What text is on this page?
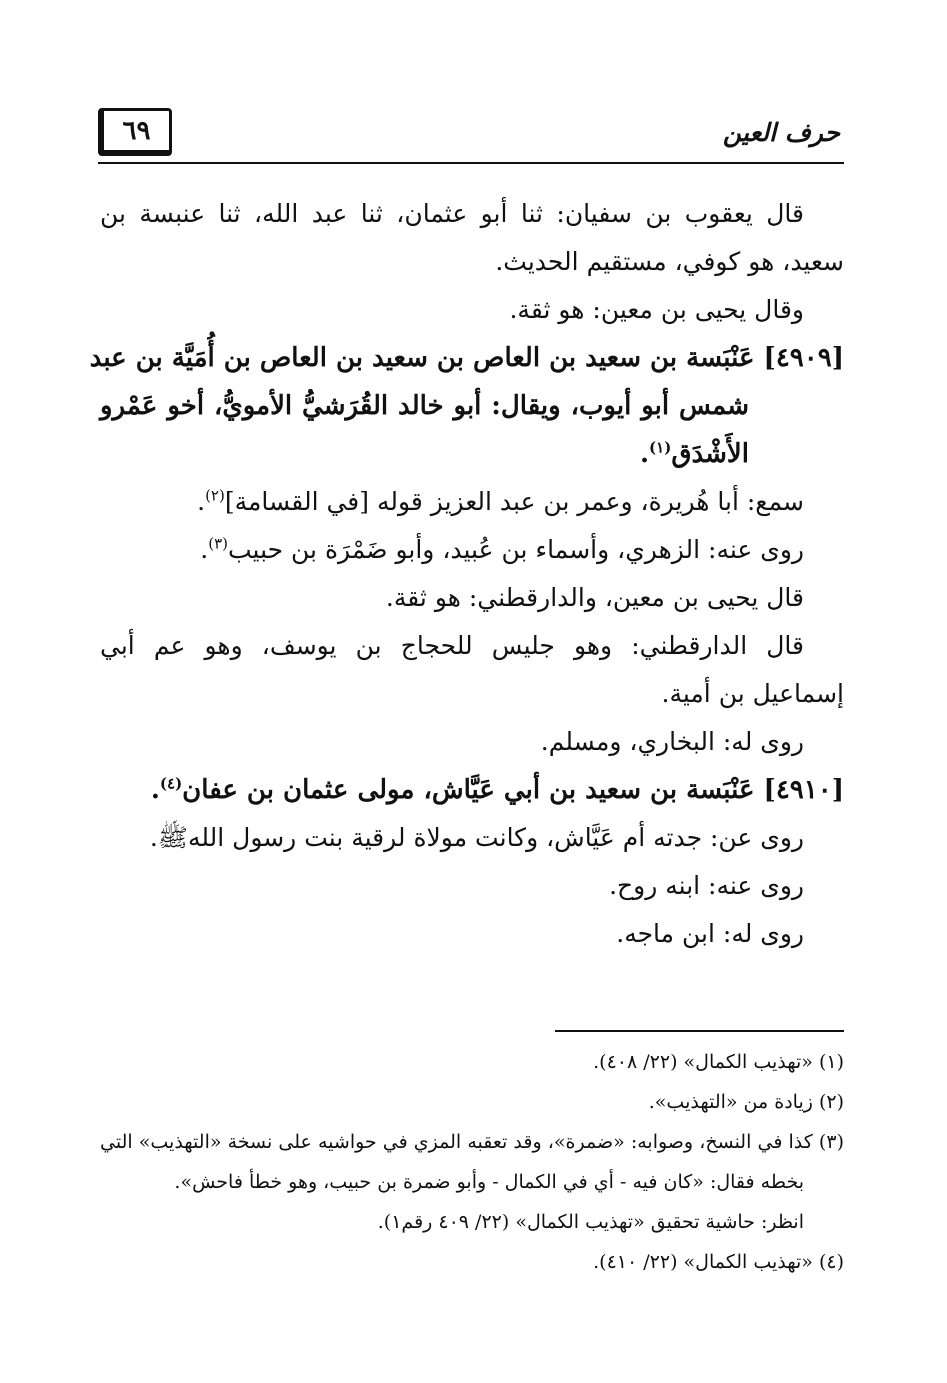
حرف العين
٦٩
قال يعقوب بن سفيان: ثنا أبو عثمان، ثنا عبد الله، ثنا عنبسة بن
سعيد، هو كوفي، مستقيم الحديث.
وقال يحيى بن معين: هو ثقة.
[٤٩٠٩] عَنْبَسة بن سعيد بن العاص بن سعيد بن العاص بن أُمَيَّة بن عبد
شمس أبو أيوب، ويقال: أبو خالد القُرَشيُّ الأمويُّ، أخو عَمْرو
الأَشْدَق$^{(١)}$.
سمع: أبا هُريرة، وعمر بن عبد العزيز قوله [في القسامة]$^{(٢)}$.
روى عنه: الزهري، وأسماء بن عُبيد، وأبو ضَمْرَة بن حبيب$^{(٣)}$.
قال يحيى بن معين، والدارقطني: هو ثقة.
قال الدارقطني: وهو جليس للحجاج بن يوسف، وهو عم أبي
إسماعيل بن أمية.
روى له: البخاري، ومسلم.
[٤٩١٠] عَنْبَسة بن سعيد بن أبي عَيَّاش، مولى عثمان بن عفان$^{(٤)}$.
روى عن: جدته أم عَيَّاش، وكانت مولاة لرقية بنت رسول اللهﷺ.
روى عنه: ابنه روح.
روى له: ابن ماجه.
(١) «تهذيب الكمال» (٢٢/ ٤٠٨).
(٢) زيادة من «التهذيب».
(٣) كذا في النسخ، وصوابه: «ضمرة»، وقد تعقبه المزي في حواشيه على نسخة «التهذيب» التي
بخطه فقال: «كان فيه - أي في الكمال - وأبو ضمرة بن حبيب، وهو خطأ فاحش».
انظر: حاشية تحقيق «تهذيب الكمال» (٢٢/ ٤٠٩ رقم١).
(٤) «تهذيب الكمال» (٢٢/ ٤١٠).
